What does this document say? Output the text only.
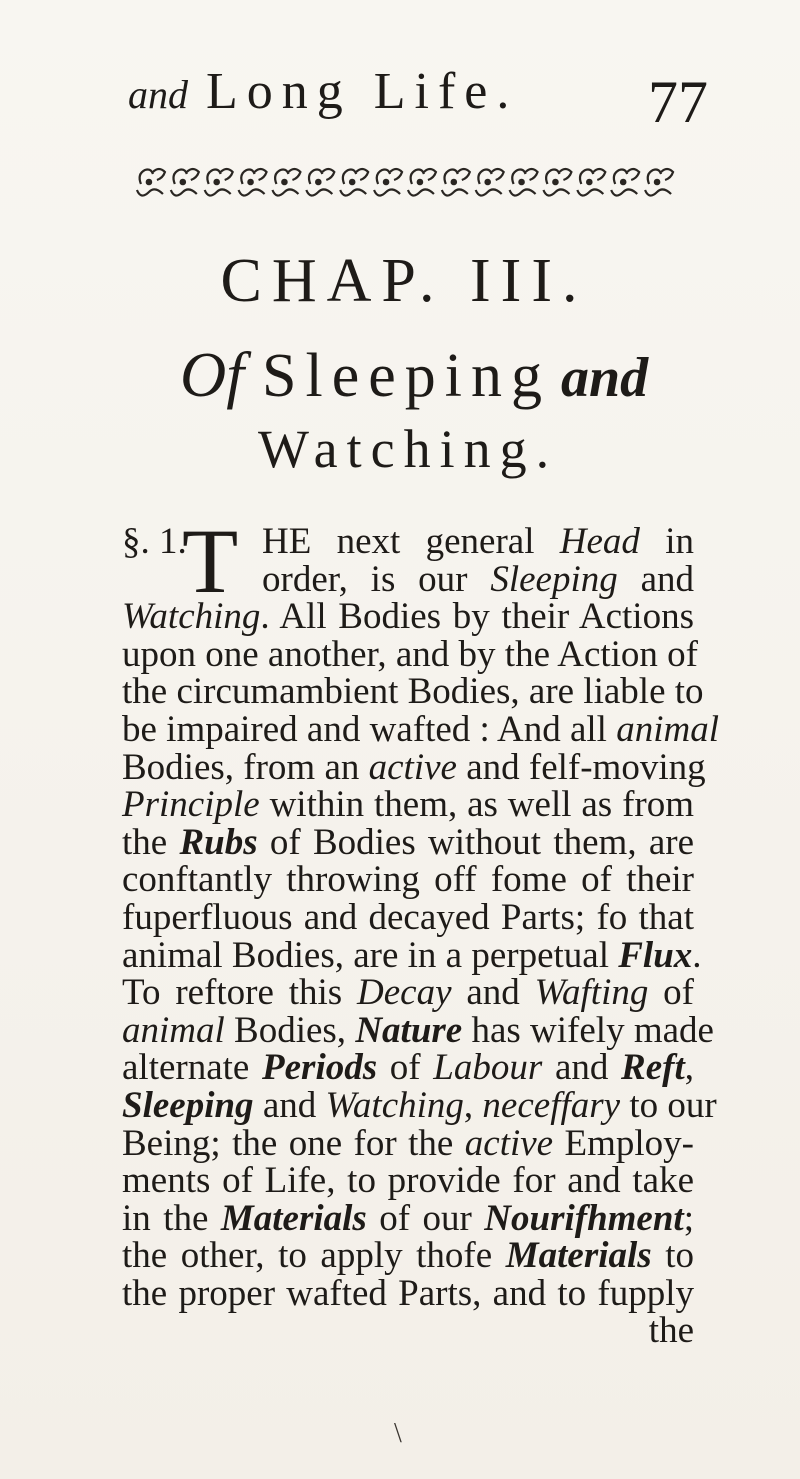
and Long Life.	77
CHAP. III.
Of Sleeping and
Watching.
T
§. 1. HE next general Head in
order, is our Sleeping and
Watching. All Bodies by their Actions
upon one another, and by the Action of
the circumambient Bodies, are liable to
be impaired and wafted : And all animal
Bodies, from an active and felf-moving
Principle within them, as well as from
the Rubs of Bodies without them, are
conftantly throwing off fome of their
fuperfluous and decayed Parts; fo that
animal Bodies, are in a perpetual Flux.
To reftore this Decay and Wafting of
animal Bodies, Nature has wifely made
alternate Periods of Labour and Reft,
Sleeping and Watching, neceffary to our
Being; the one for the active Employ-
ments of Life, to provide for and take
in the Materials of our Nourifhment;
the other, to apply thofe Materials to
the proper wafted Parts, and to fupply
the
\
